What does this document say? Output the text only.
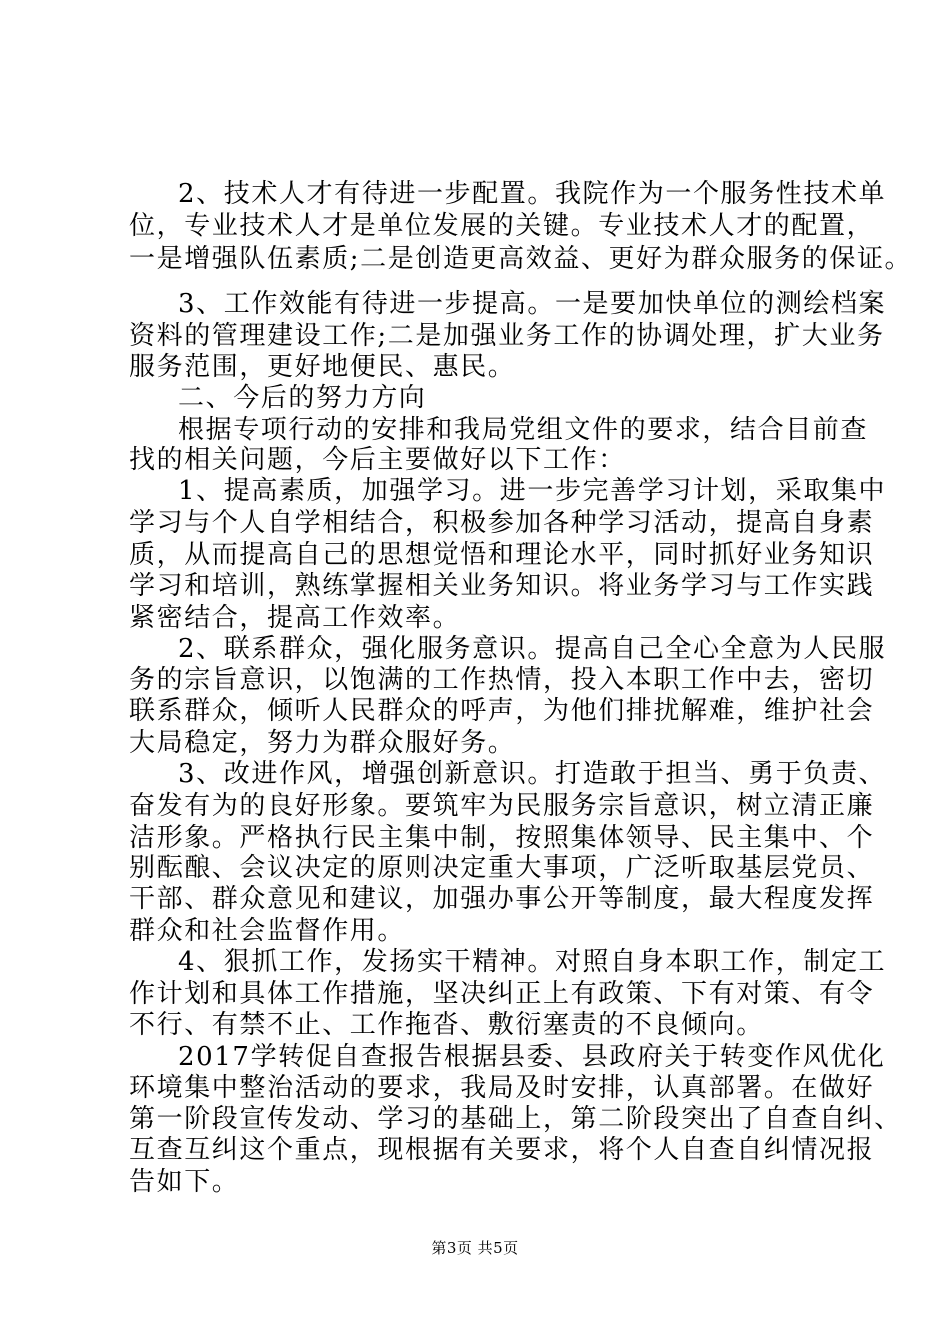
2、技术人才有待进一步配置。我院作为一个服务性技术单

位，专业技术人才是单位发展的关键。专业技术人才的配置，

一是增强队伍素质;二是创造更高效益、更好为群众服务的保证。

3、工作效能有待进一步提高。一是要加快单位的测绘档案

资料的管理建设工作;二是加强业务工作的协调处理，扩大业务

服务范围，更好地便民、惠民。

二、今后的努力方向

根据专项行动的安排和我局党组文件的要求，结合目前查

找的相关问题，今后主要做好以下工作：

1、提高素质，加强学习。进一步完善学习计划，采取集中

学习与个人自学相结合，积极参加各种学习活动，提高自身素

质，从而提高自己的思想觉悟和理论水平，同时抓好业务知识

学习和培训，熟练掌握相关业务知识。将业务学习与工作实践

紧密结合，提高工作效率。

2、联系群众，强化服务意识。提高自己全心全意为人民服

务的宗旨意识，以饱满的工作热情，投入本职工作中去，密切

联系群众，倾听人民群众的呼声，为他们排扰解难，维护社会

大局稳定，努力为群众服好务。

3、改进作风，增强创新意识。打造敢于担当、勇于负责、

奋发有为的良好形象。要筑牢为民服务宗旨意识，树立清正廉

洁形象。严格执行民主集中制，按照集体领导、民主集中、个

别酝酿、会议决定的原则决定重大事项，广泛听取基层党员、

干部、群众意见和建议，加强办事公开等制度，最大程度发挥

群众和社会监督作用。

4、狠抓工作，发扬实干精神。对照自身本职工作，制定工

作计划和具体工作措施，坚决纠正上有政策、下有对策、有令

不行、有禁不止、工作拖沓、敷衍塞责的不良倾向。

2017学转促自查报告根据县委、县政府关于转变作风优化

环境集中整治活动的要求，我局及时安排，认真部署。在做好

第一阶段宣传发动、学习的基础上，第二阶段突出了自查自纠、

互查互纠这个重点，现根据有关要求，将个人自查自纠情况报

告如下。

第3页 共5页
